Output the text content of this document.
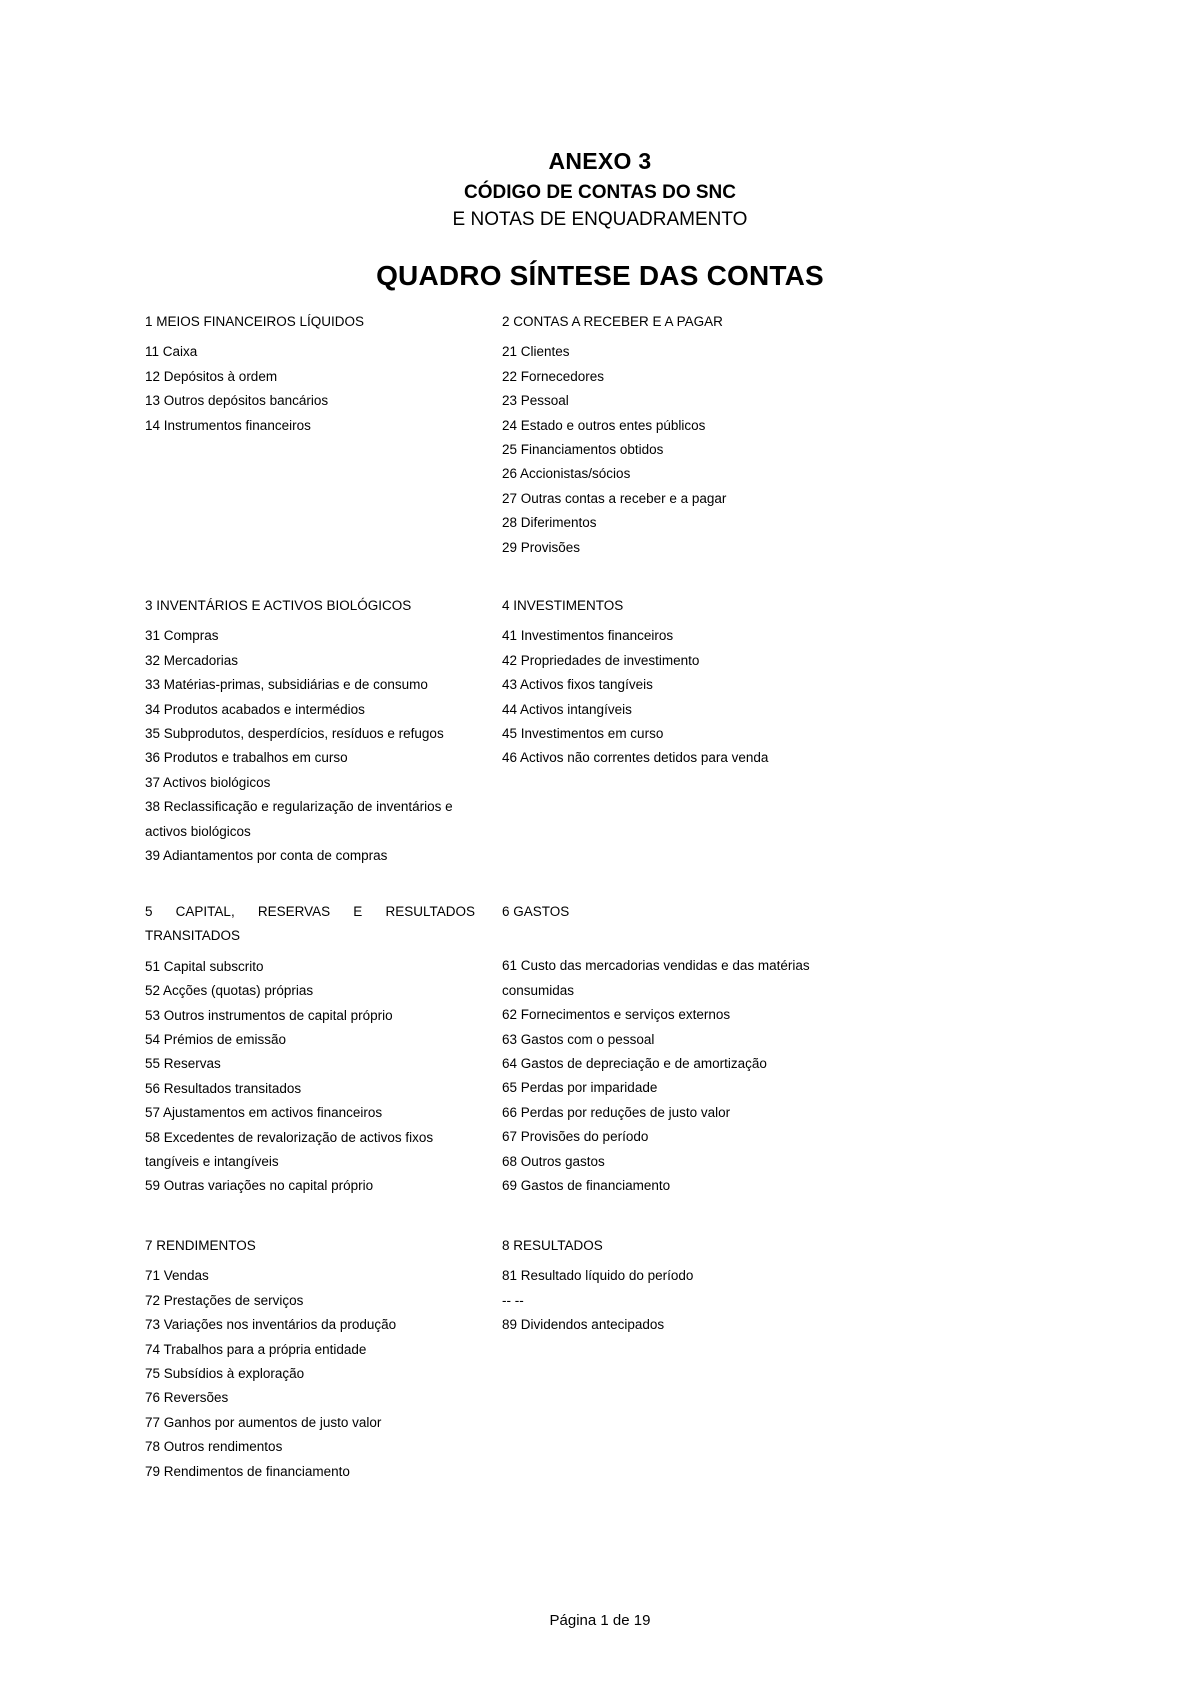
ANEXO 3
CÓDIGO DE CONTAS DO SNC
E NOTAS DE ENQUADRAMENTO
QUADRO SÍNTESE DAS CONTAS
1 MEIOS FINANCEIROS LÍQUIDOS
11 Caixa
12 Depósitos à ordem
13 Outros depósitos bancários
14 Instrumentos financeiros
2 CONTAS A RECEBER E A PAGAR
21 Clientes
22 Fornecedores
23 Pessoal
24 Estado e outros entes públicos
25 Financiamentos obtidos
26 Accionistas/sócios
27 Outras contas a receber e a pagar
28 Diferimentos
29 Provisões
3 INVENTÁRIOS E ACTIVOS BIOLÓGICOS
31 Compras
32 Mercadorias
33 Matérias-primas, subsidiárias e de consumo
34 Produtos acabados e intermédios
35 Subprodutos, desperdícios, resíduos e refugos
36 Produtos e trabalhos em curso
37 Activos biológicos
38 Reclassificação e regularização de inventários e activos biológicos
39 Adiantamentos por conta de compras
4 INVESTIMENTOS
41 Investimentos financeiros
42 Propriedades de investimento
43 Activos fixos tangíveis
44 Activos intangíveis
45 Investimentos em curso
46 Activos não correntes detidos para venda
5 CAPITAL, RESERVAS E RESULTADOS
TRANSITADOS
51 Capital subscrito
52 Acções (quotas) próprias
53 Outros instrumentos de capital próprio
54 Prémios de emissão
55 Reservas
56 Resultados transitados
57 Ajustamentos em activos financeiros
58 Excedentes de revalorização de activos fixos tangíveis e intangíveis
59 Outras variações no capital próprio
6 GASTOS
61 Custo das mercadorias vendidas e das matérias consumidas
62 Fornecimentos e serviços externos
63 Gastos com o pessoal
64 Gastos de depreciação e de amortização
65 Perdas por imparidade
66 Perdas por reduções de justo valor
67 Provisões do período
68 Outros gastos
69 Gastos de financiamento
7 RENDIMENTOS
71 Vendas
72 Prestações de serviços
73 Variações nos inventários da produção
74 Trabalhos para a própria entidade
75 Subsídios à exploração
76 Reversões
77 Ganhos por aumentos de justo valor
78 Outros rendimentos
79 Rendimentos de financiamento
8 RESULTADOS
81 Resultado líquido do período
-- --
89 Dividendos antecipados
Página 1 de 19
